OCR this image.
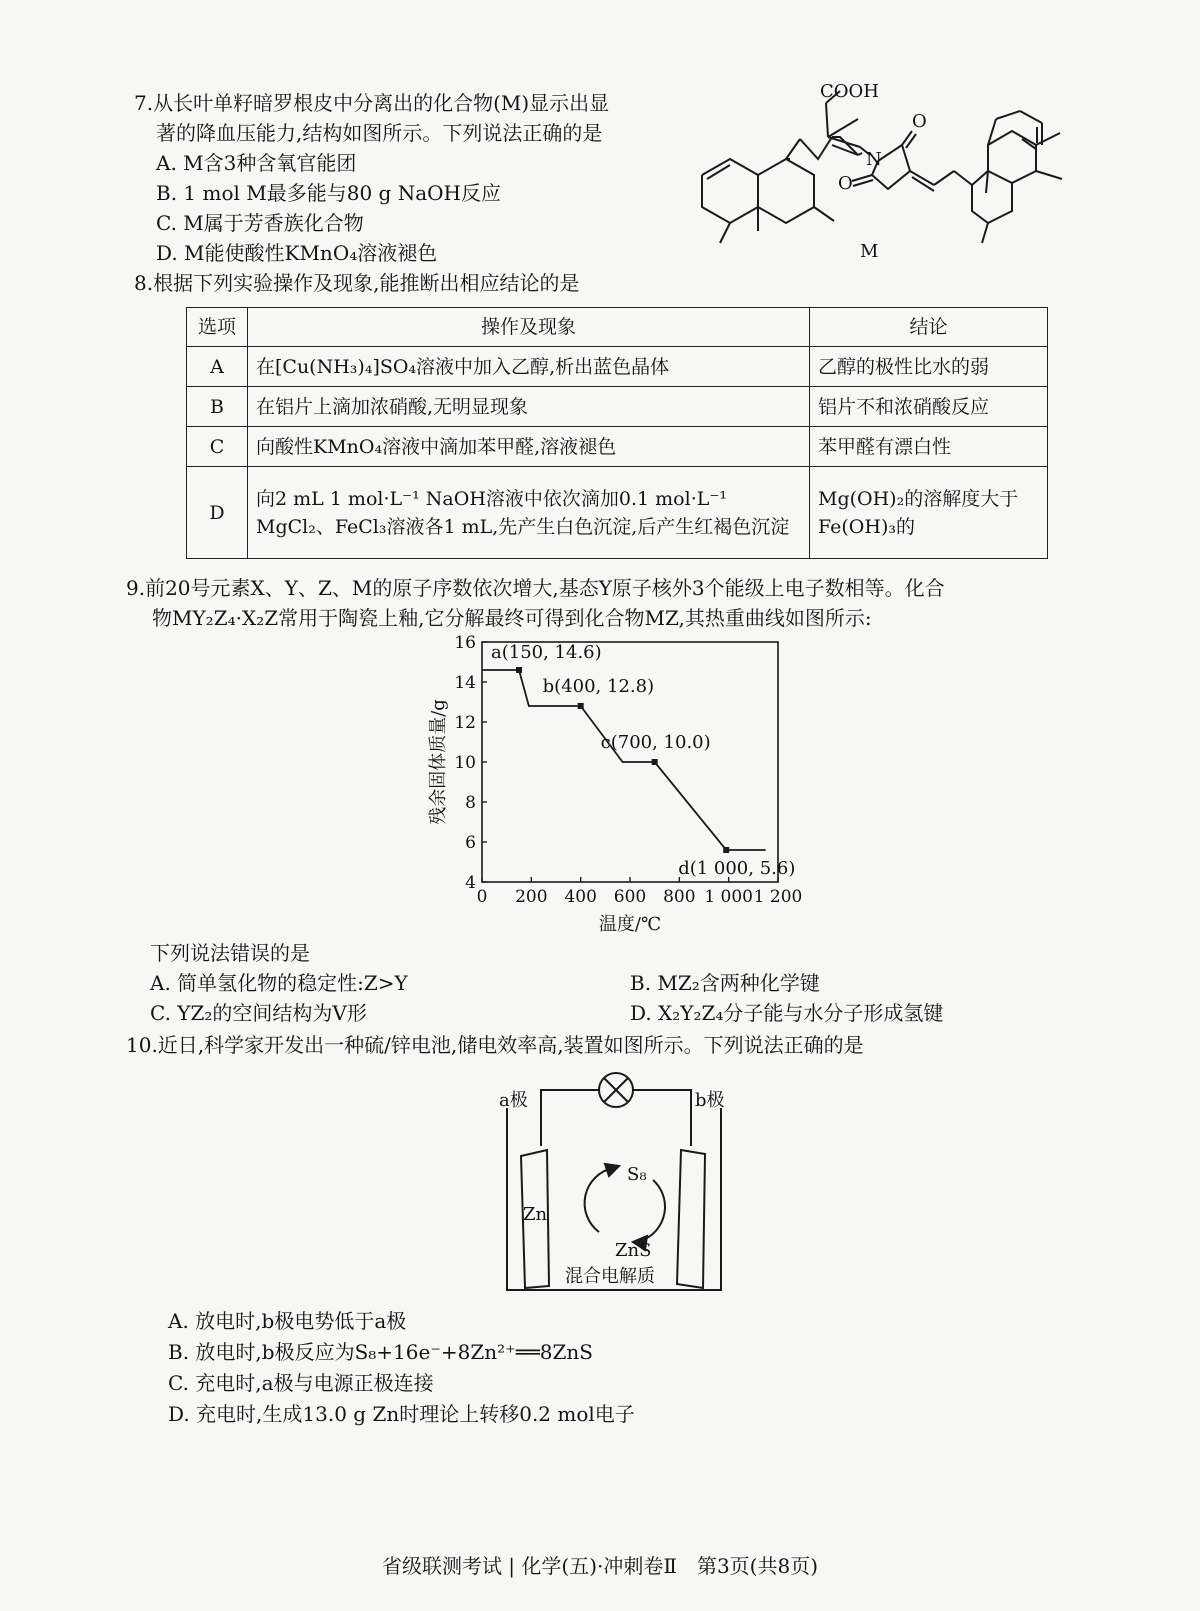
7.从长叶单籽暗罗根皮中分离出的化合物(M)显示出显
著的降血压能力,结构如图所示。下列说法正确的是
A. M含3种含氧官能团
B. 1 mol M最多能与80 g NaOH反应
C. M属于芳香族化合物
D. M能使酸性KMnO₄溶液褪色
COOH
N
O
O
M
8.根据下列实验操作及现象,能推断出相应结论的是
选项	操作及现象	结论
A	在[Cu(NH₃)₄]SO₄溶液中加入乙醇,析出蓝色晶体	乙醇的极性比水的弱
B	在铝片上滴加浓硝酸,无明显现象	铝片不和浓硝酸反应
C	向酸性KMnO₄溶液中滴加苯甲醛,溶液褪色	苯甲醛有漂白性
D	向2 mL 1 mol·L⁻¹ NaOH溶液中依次滴加0.1 mol·L⁻¹ MgCl₂、FeCl₃溶液各1 mL,先产生白色沉淀,后产生红褐色沉淀	Mg(OH)₂的溶解度大于Fe(OH)₃的
9.前20号元素X、Y、Z、M的原子序数依次增大,基态Y原子核外3个能级上电子数相等。化合
物MY₂Z₄·X₂Z常用于陶瓷上釉,它分解最终可得到化合物MZ,其热重曲线如图所示:
0 200 400 600 800 1 000 1 200
4
6
8
10
12
14
16
温度/℃
残余固体质量/g
a(150, 14.6)
b(400, 12.8)
c(700, 10.0)
d(1 000, 5.6)
下列说法错误的是
A. 简单氢化物的稳定性:Z>Y	B. MZ₂含两种化学键
C. YZ₂的空间结构为V形	D. X₂Y₂Z₄分子能与水分子形成氢键
10.近日,科学家开发出一种硫/锌电池,储电效率高,装置如图所示。下列说法正确的是
a极	b极
Zn
S₈
ZnS
混合电解质
A. 放电时,b极电势低于a极
B. 放电时,b极反应为S₈+16e⁻+8Zn²⁺══8ZnS
C. 充电时,a极与电源正极连接
D. 充电时,生成13.0 g Zn时理论上转移0.2 mol电子
省级联测考试 | 化学(五)·冲刺卷Ⅱ　第3页(共8页)
